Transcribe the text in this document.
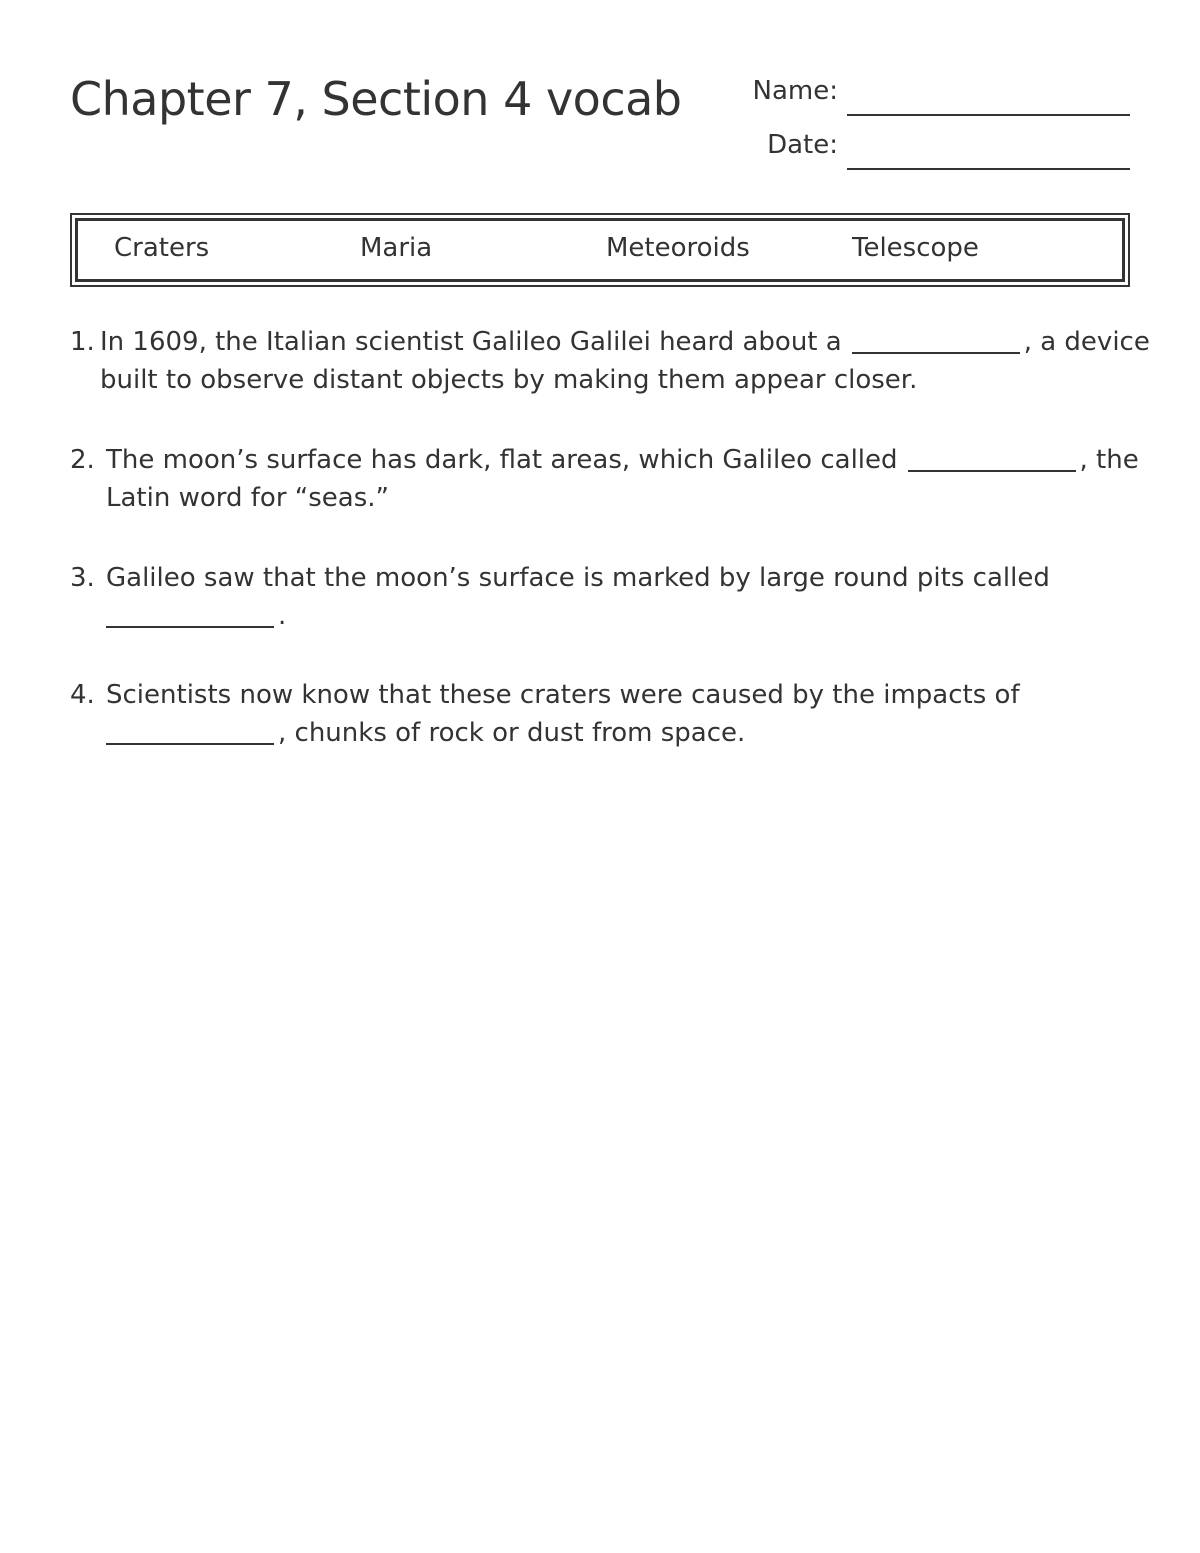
Chapter 7, Section 4 vocab	Name:
Date:
Craters	Maria	Meteoroids	Telescope
1. In 1609, the Italian scientist Galileo Galilei heard about a	, a device
built to observe distant objects by making them appear closer.
2. The moon’s surface has dark, flat areas, which Galileo called	, the
Latin word for “seas.”
3. Galileo saw that the moon’s surface is marked by large round pits called
.
4. Scientists now know that these craters were caused by the impacts of
, chunks of rock or dust from space.
